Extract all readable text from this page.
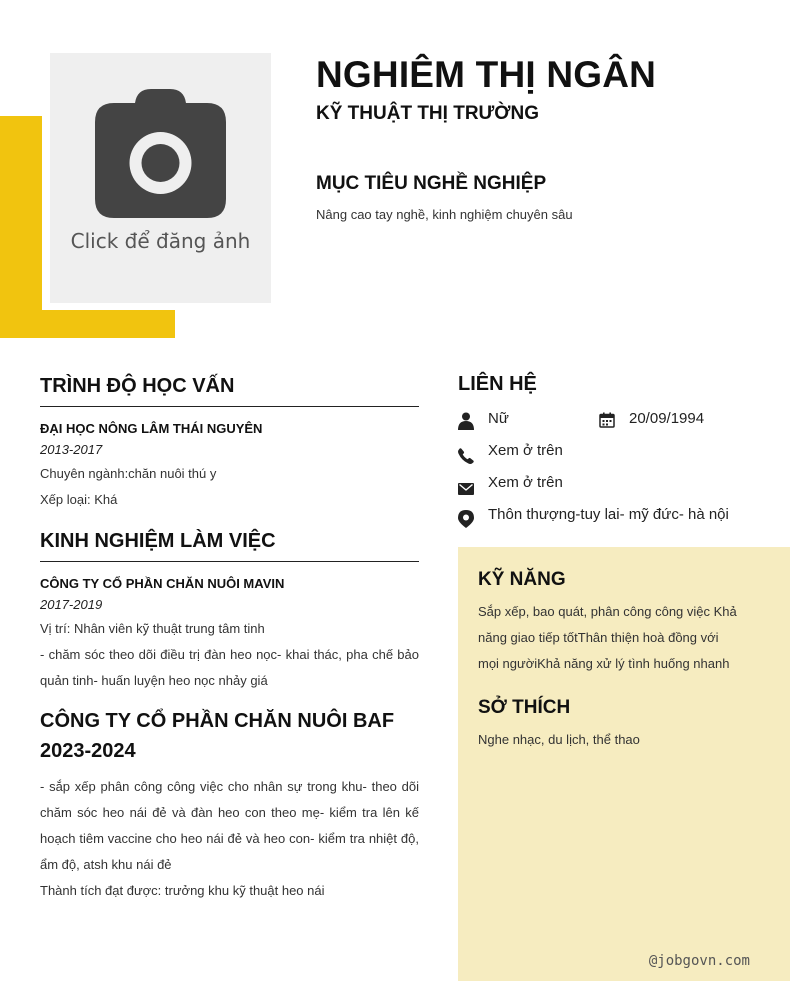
Click để đăng ảnh
NGHIÊM THỊ NGÂN
KỸ THUẬT THỊ TRƯỜNG
MỤC TIÊU NGHỀ NGHIỆP
Nâng cao tay nghề, kinh nghiệm chuyên sâu
TRÌNH ĐỘ HỌC VẤN
ĐẠI HỌC NÔNG LÂM THÁI NGUYÊN
2013-2017
Chuyên ngành:chăn nuôi thú y
Xếp loại: Khá
KINH NGHIỆM LÀM VIỆC
CÔNG TY CỔ PHẦN CHĂN NUÔI MAVIN
2017-2019
Vị trí: Nhân viên kỹ thuật trung tâm tinh
- chăm sóc theo dõi điều trị đàn heo nọc- khai thác, pha chế bảo quản tinh- huấn luyện heo nọc nhảy giá
CÔNG TY CỔ PHẦN CHĂN NUÔI BAF
2023-2024
- sắp xếp phân công công việc cho nhân sự trong khu- theo dõi chăm sóc heo nái đẻ và đàn heo con theo mẹ- kiểm tra lên kế hoạch tiêm vaccine cho heo nái đẻ và heo con- kiểm tra nhiệt độ, ẩm độ, atsh khu nái đẻ
Thành tích đạt được: trưởng khu kỹ thuật heo nái
LIÊN HỆ
Nữ	20/09/1994
Xem ở trên
Xem ở trên
Thôn thượng-tuy lai- mỹ đức- hà nội
KỸ NĂNG
Sắp xếp, bao quát, phân công công việc Khả năng giao tiếp tốtThân thiện hoà đồng với mọi ngườiKhả năng xử lý tình huống nhanh
SỞ THÍCH
Nghe nhạc, du lịch, thể thao
@jobgovn.com
